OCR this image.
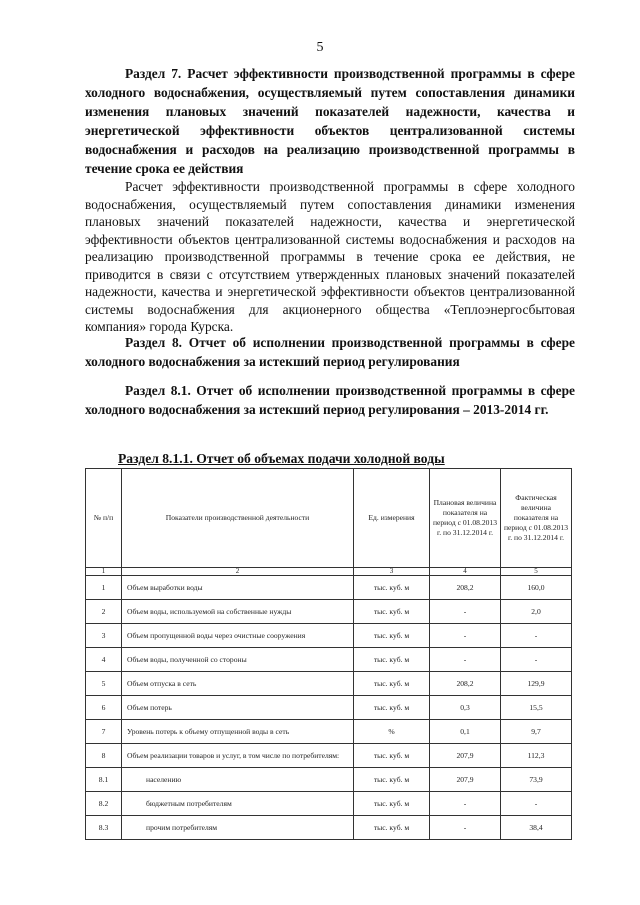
5

Раздел 7. Расчет эффективности производственной программы в сфере холодного водоснабжения, осуществляемый путем сопоставления динамики изменения плановых значений показателей надежности, качества и энергетической эффективности объектов централизованной системы водоснабжения и расходов на реализацию производственной программы в течение срока ее действия

Расчет эффективности производственной программы в сфере холодного водоснабжения, осуществляемый путем сопоставления динамики изменения плановых значений показателей надежности, качества и энергетической эффективности объектов централизованной системы водоснабжения и расходов на реализацию производственной программы в течение срока ее действия, не приводится в связи с отсутствием утвержденных плановых значений показателей надежности, качества и энергетической эффективности объектов централизованной системы водоснабжения для акционерного общества «Теплоэнергосбытовая компания» города Курска.

Раздел 8. Отчет об исполнении производственной программы в сфере холодного водоснабжения за истекший период регулирования

Раздел 8.1. Отчет об исполнении производственной программы в сфере холодного водоснабжения за истекший период регулирования – 2013-2014 гг.

Раздел 8.1.1. Отчет об объемах подачи холодной воды

№ п/п	Показатели производственной деятельности	Ед. измерения	Плановая величина показателя на период с 01.08.2013 г. по 31.12.2014 г.	Фактическая величина показателя на период с 01.08.2013 г. по 31.12.2014 г.
1	2	3	4	5
1	Объем выработки воды	тыс. куб. м	208,2	160,0
2	Объем воды, используемой на собственные нужды	тыс. куб. м	-	2,0
3	Объем пропущенной воды через очистные сооружения	тыс. куб. м	-	-
4	Объем воды, полученной со стороны	тыс. куб. м	-	-
5	Объем отпуска в сеть	тыс. куб. м	208,2	129,9
6	Объем потерь	тыс. куб. м	0,3	15,5
7	Уровень потерь к объему отпущенной воды в сеть	%	0,1	9,7
8	Объем реализации товаров и услуг, в том числе по потребителям:	тыс. куб. м	207,9	112,3
8.1	населению	тыс. куб. м	207,9	73,9
8.2	бюджетным потребителям	тыс. куб. м	-	-
8.3	прочим потребителям	тыс. куб. м	-	38,4
